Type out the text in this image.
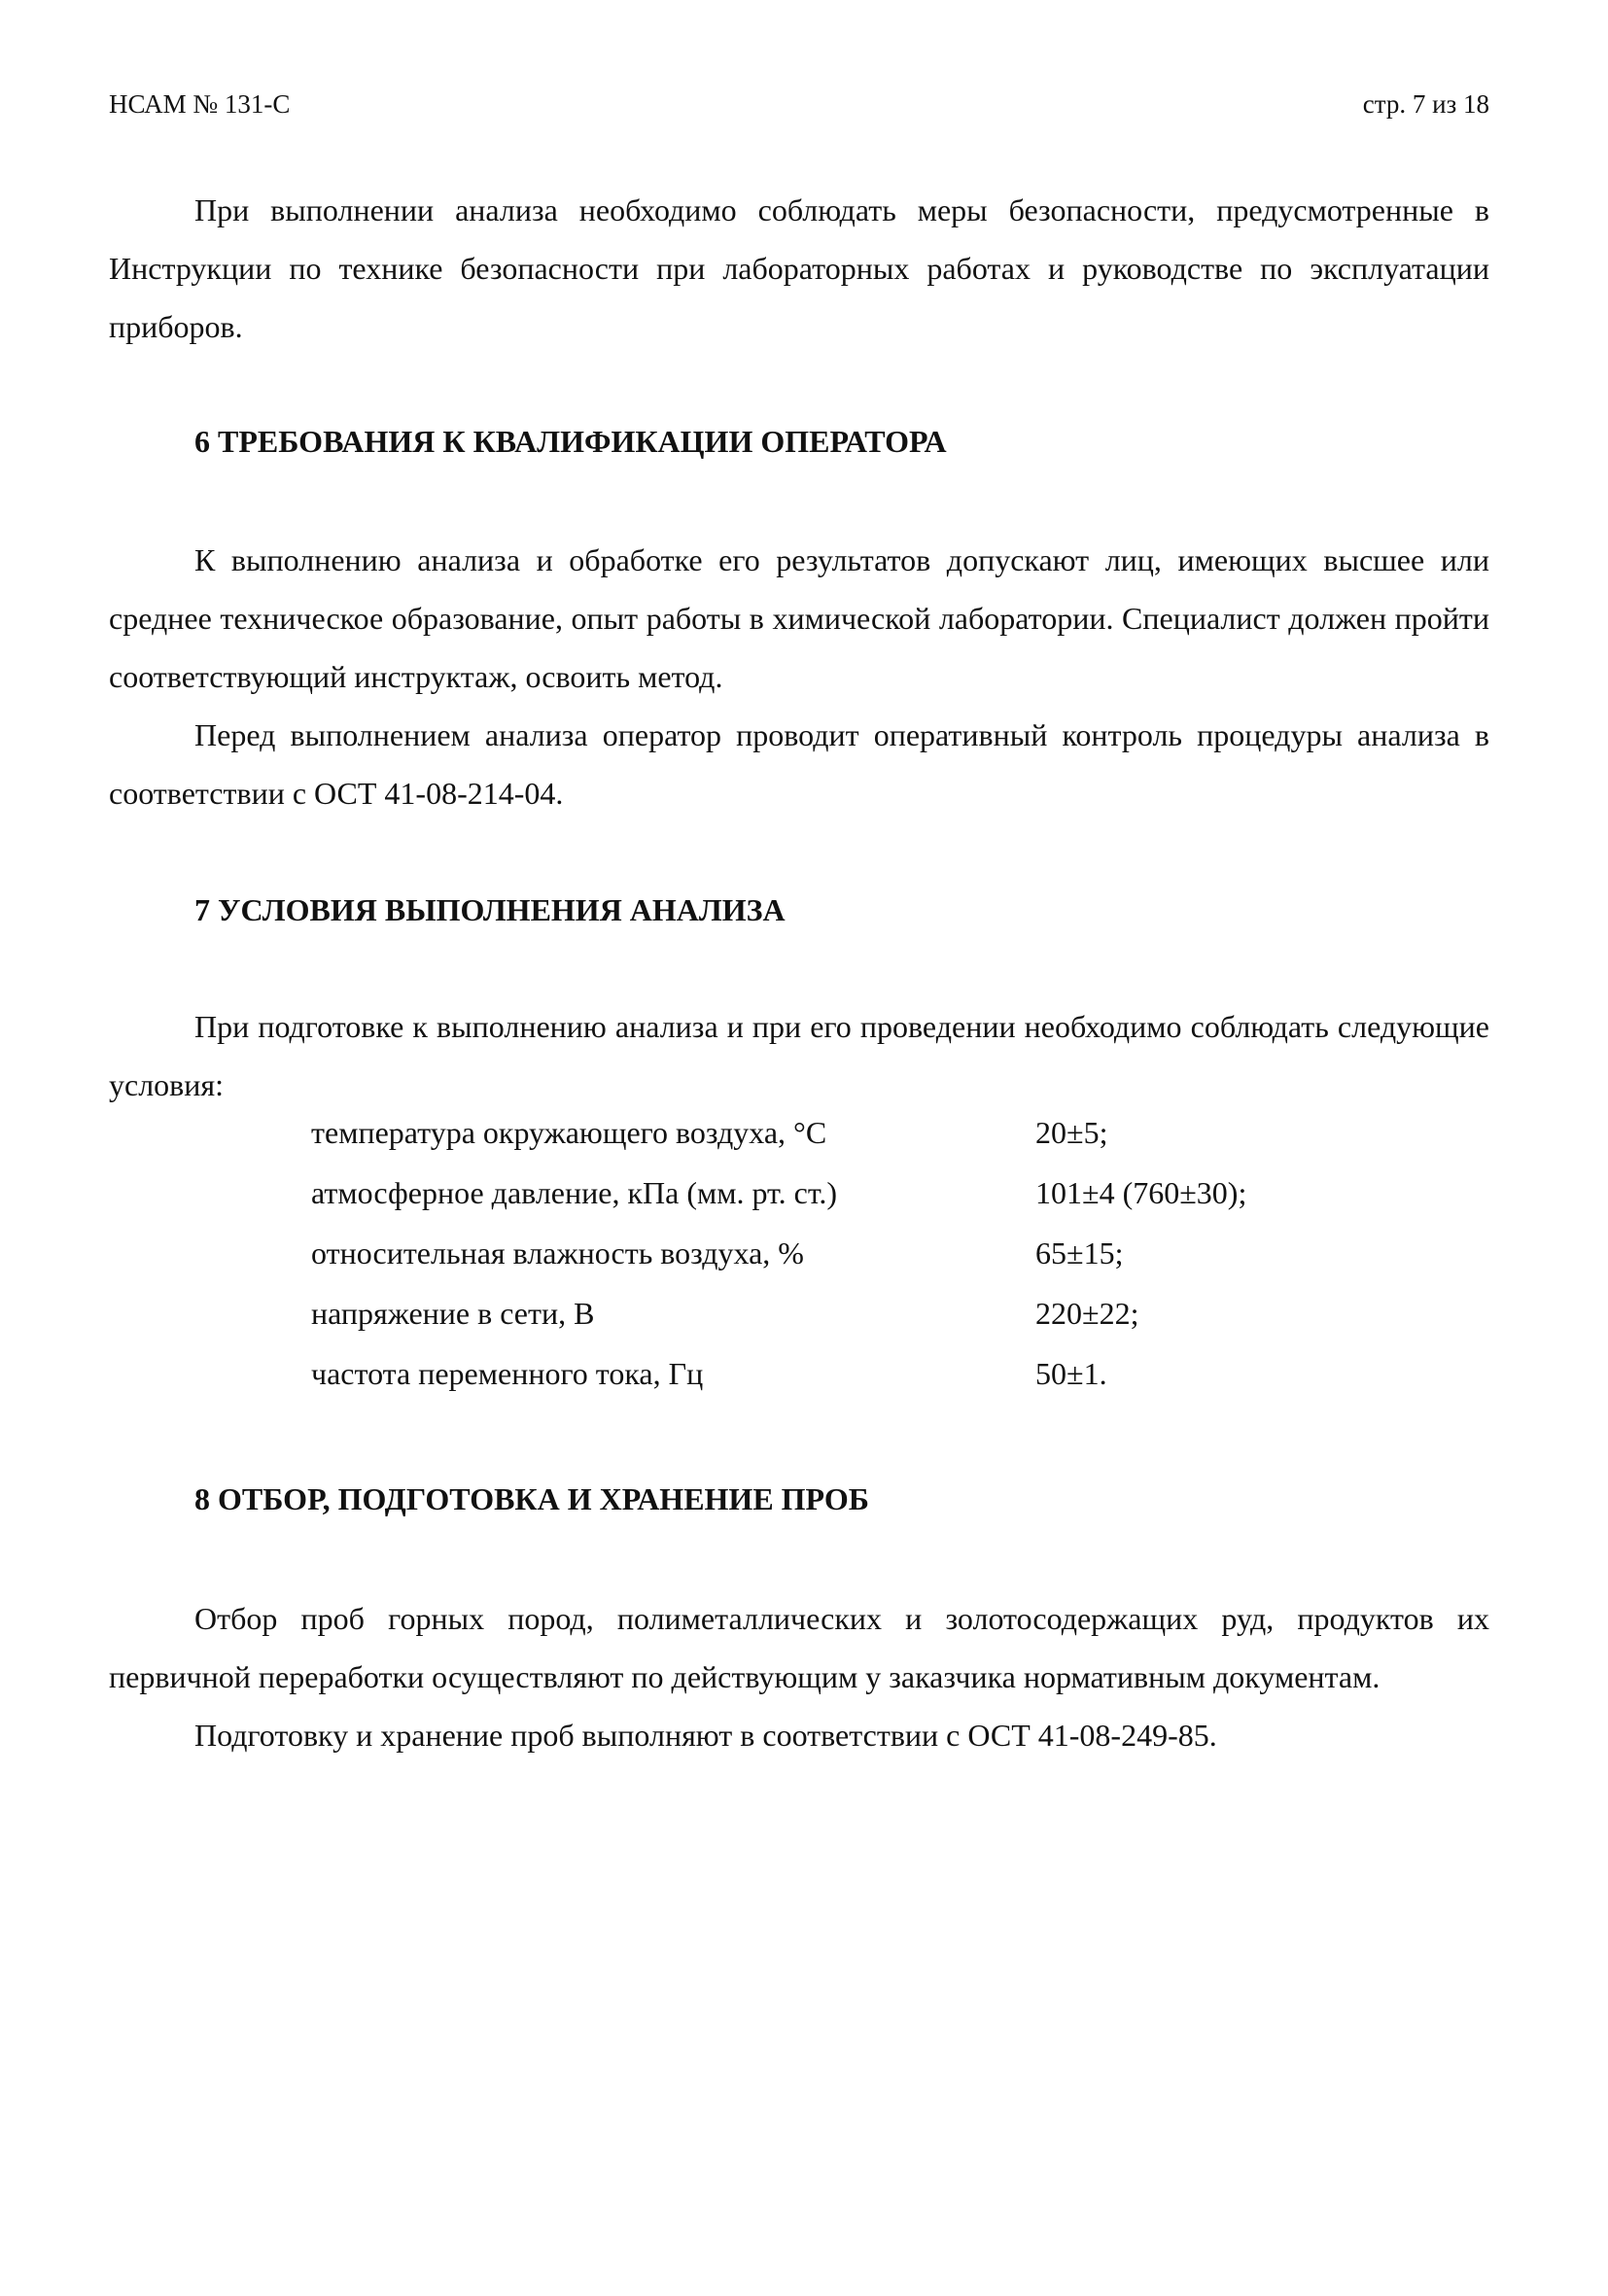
НСАМ № 131-С	стр. 7 из 18

При выполнении анализа необходимо соблюдать меры безопасности, предусмотренные в Инструкции по технике безопасности при лабораторных работах и руководстве по эксплуатации приборов.

6 ТРЕБОВАНИЯ К КВАЛИФИКАЦИИ ОПЕРАТОРА

К выполнению анализа и обработке его результатов допускают лиц, имеющих высшее или среднее техническое образование, опыт работы в химической лаборатории. Специалист должен пройти соответствующий инструктаж, освоить метод.

Перед выполнением анализа оператор проводит оперативный контроль процедуры анализа в соответствии с ОСТ 41-08-214-04.

7 УСЛОВИЯ ВЫПОЛНЕНИЯ АНАЛИЗА

При подготовке к выполнению анализа и при его проведении необходимо соблюдать следующие условия:

температура окружающего воздуха, °С	20±5;
атмосферное давление, кПа (мм. рт. ст.)	101±4 (760±30);
относительная влажность воздуха, %	65±15;
напряжение в сети, В	220±22;
частота переменного тока, Гц	50±1.
8 ОТБОР, ПОДГОТОВКА И ХРАНЕНИЕ ПРОБ

Отбор проб горных пород, полиметаллических и золотосодержащих руд, продуктов их первичной переработки осуществляют по действующим у заказчика нормативным документам.

Подготовку и хранение проб выполняют в соответствии с ОСТ 41-08-249-85.
